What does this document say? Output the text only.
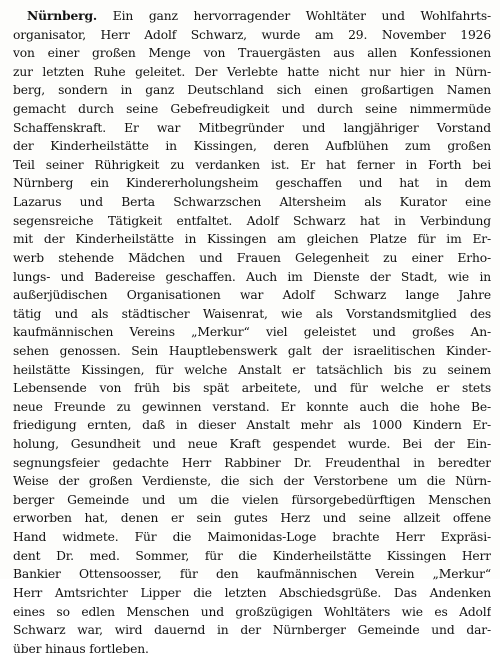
Nürnberg. Ein ganz hervorragender Wohltäter und Wohlfahrts-
organisator, Herr Adolf Schwarz, wurde am 29. November 1926
von einer großen Menge von Trauergästen aus allen Konfessionen
zur letzten Ruhe geleitet. Der Verlebte hatte nicht nur hier in Nürn-
berg, sondern in ganz Deutschland sich einen großartigen Namen
gemacht durch seine Gebefreudigkeit und durch seine nimmermüde
Schaffenskraft. Er war Mitbegründer und langjähriger Vorstand
der Kinderheilstätte in Kissingen, deren Aufblühen zum großen
Teil seiner Rührigkeit zu verdanken ist. Er hat ferner in Forth bei
Nürnberg ein Kindererholungsheim geschaffen und hat in dem
Lazarus und Berta Schwarzschen Altersheim als Kurator eine
segensreiche Tätigkeit entfaltet. Adolf Schwarz hat in Verbindung
mit der Kinderheilstätte in Kissingen am gleichen Platze für im Er-
werb stehende Mädchen und Frauen Gelegenheit zu einer Erho-
lungs- und Badereise geschaffen. Auch im Dienste der Stadt, wie in
außerjüdischen Organisationen war Adolf Schwarz lange Jahre
tätig und als städtischer Waisenrat, wie als Vorstandsmitglied des
kaufmännischen Vereins „Merkur“ viel geleistet und großes An-
sehen genossen. Sein Hauptlebenswerk galt der israelitischen Kinder-
heilstätte Kissingen, für welche Anstalt er tatsächlich bis zu seinem
Lebensende von früh bis spät arbeitete, und für welche er stets
neue Freunde zu gewinnen verstand. Er konnte auch die hohe Be-
friedigung ernten, daß in dieser Anstalt mehr als 1000 Kindern Er-
holung, Gesundheit und neue Kraft gespendet wurde. Bei der Ein-
segnungsfeier gedachte Herr Rabbiner Dr. Freudenthal in beredter
Weise der großen Verdienste, die sich der Verstorbene um die Nürn-
berger Gemeinde und um die vielen fürsorgebedürftigen Menschen
erworben hat, denen er sein gutes Herz und seine allzeit offene
Hand widmete. Für die Maimonidas-Loge brachte Herr Expräsi-
dent Dr. med. Sommer, für die Kinderheilstätte Kissingen Herr
Bankier Ottensoosser, für den kaufmännischen Verein „Merkur“
Herr Amtsrichter Lipper die letzten Abschiedsgrüße. Das Andenken
eines so edlen Menschen und großzügigen Wohltäters wie es Adolf
Schwarz war, wird dauernd in der Nürnberger Gemeinde und dar-
über hinaus fortleben.
